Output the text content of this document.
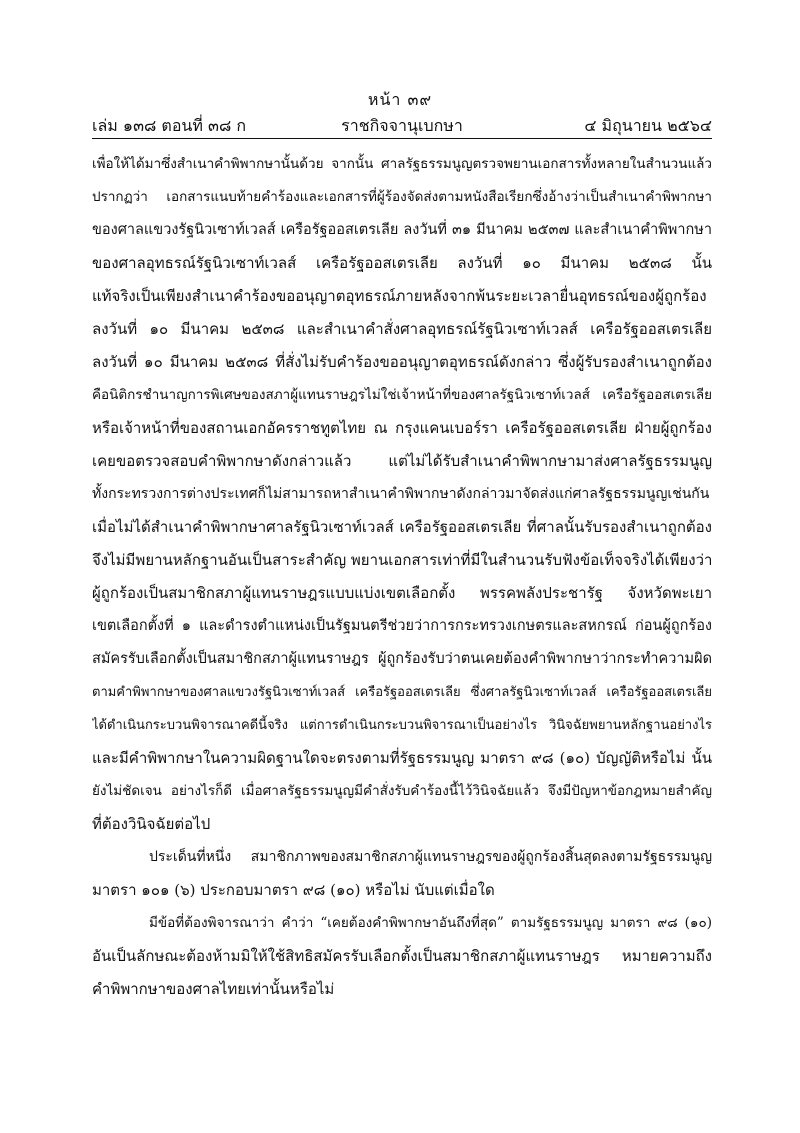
หน้า ๓๙
เล่ม ๑๓๘ ตอนที่ ๓๘ ก	ราชกิจจานุเบกษา	๔ มิถุนายน ๒๕๖๔
เพื่อให้ได้มาซึ่งสำเนาคำพิพากษานั้นด้วย จากนั้น ศาลรัฐธรรมนูญตรวจพยานเอกสารทั้งหลายในสำนวนแล้ว
ปรากฏว่า เอกสารแนบท้ายคำร้องและเอกสารที่ผู้ร้องจัดส่งตามหนังสือเรียกซึ่งอ้างว่าเป็นสำเนาคำพิพากษา
ของศาลแขวงรัฐนิวเซาท์เวลส์ เครือรัฐออสเตรเลีย ลงวันที่ ๓๑ มีนาคม ๒๕๓๗ และสำเนาคำพิพากษา
ของศาลอุทธรณ์รัฐนิวเซาท์เวลส์ เครือรัฐออสเตรเลีย ลงวันที่ ๑๐ มีนาคม ๒๕๓๘ นั้น
แท้จริงเป็นเพียงสำเนาคำร้องขออนุญาตอุทธรณ์ภายหลังจากพ้นระยะเวลายื่นอุทธรณ์ของผู้ถูกร้อง
ลงวันที่ ๑๐ มีนาคม ๒๕๓๘ และสำเนาคำสั่งศาลอุทธรณ์รัฐนิวเซาท์เวลส์ เครือรัฐออสเตรเลีย
ลงวันที่ ๑๐ มีนาคม ๒๕๓๘ ที่สั่งไม่รับคำร้องขออนุญาตอุทธรณ์ดังกล่าว ซึ่งผู้รับรองสำเนาถูกต้อง
คือนิติกรชำนาญการพิเศษของสภาผู้แทนราษฎรไม่ใช่เจ้าหน้าที่ของศาลรัฐนิวเซาท์เวลส์ เครือรัฐออสเตรเลีย
หรือเจ้าหน้าที่ของสถานเอกอัครราชทูตไทย ณ กรุงแคนเบอร์รา เครือรัฐออสเตรเลีย ฝ่ายผู้ถูกร้อง
เคยขอตรวจสอบคำพิพากษาดังกล่าวแล้ว แต่ไม่ได้รับสำเนาคำพิพากษามาส่งศาลรัฐธรรมนูญ
ทั้งกระทรวงการต่างประเทศก็ไม่สามารถหาสำเนาคำพิพากษาดังกล่าวมาจัดส่งแก่ศาลรัฐธรรมนูญเช่นกัน
เมื่อไม่ได้สำเนาคำพิพากษาศาลรัฐนิวเซาท์เวลส์ เครือรัฐออสเตรเลีย ที่ศาลนั้นรับรองสำเนาถูกต้อง
จึงไม่มีพยานหลักฐานอันเป็นสาระสำคัญ พยานเอกสารเท่าที่มีในสำนวนรับฟังข้อเท็จจริงได้เพียงว่า
ผู้ถูกร้องเป็นสมาชิกสภาผู้แทนราษฎรแบบแบ่งเขตเลือกตั้ง พรรคพลังประชารัฐ จังหวัดพะเยา
เขตเลือกตั้งที่ ๑ และดำรงตำแหน่งเป็นรัฐมนตรีช่วยว่าการกระทรวงเกษตรและสหกรณ์ ก่อนผู้ถูกร้อง
สมัครรับเลือกตั้งเป็นสมาชิกสภาผู้แทนราษฎร ผู้ถูกร้องรับว่าตนเคยต้องคำพิพากษาว่ากระทำความผิด
ตามคำพิพากษาของศาลแขวงรัฐนิวเซาท์เวลส์ เครือรัฐออสเตรเลีย ซึ่งศาลรัฐนิวเซาท์เวลส์ เครือรัฐออสเตรเลีย
ได้ดำเนินกระบวนพิจารณาคดีนี้จริง แต่การดำเนินกระบวนพิจารณาเป็นอย่างไร วินิจฉัยพยานหลักฐานอย่างไร
และมีคำพิพากษาในความผิดฐานใดจะตรงตามที่รัฐธรรมนูญ มาตรา ๙๘ (๑๐) บัญญัติหรือไม่ นั้น
ยังไม่ชัดเจน อย่างไรก็ดี เมื่อศาลรัฐธรรมนูญมีคำสั่งรับคำร้องนี้ไว้วินิจฉัยแล้ว จึงมีปัญหาข้อกฎหมายสำคัญ
ที่ต้องวินิจฉัยต่อไป
ประเด็นที่หนึ่ง สมาชิกภาพของสมาชิกสภาผู้แทนราษฎรของผู้ถูกร้องสิ้นสุดลงตามรัฐธรรมนูญ
มาตรา ๑๐๑ (๖) ประกอบมาตรา ๙๘ (๑๐) หรือไม่ นับแต่เมื่อใด
มีข้อที่ต้องพิจารณาว่า คำว่า “เคยต้องคำพิพากษาอันถึงที่สุด” ตามรัฐธรรมนูญ มาตรา ๙๘ (๑๐)
อันเป็นลักษณะต้องห้ามมิให้ใช้สิทธิสมัครรับเลือกตั้งเป็นสมาชิกสภาผู้แทนราษฎร หมายความถึง
คำพิพากษาของศาลไทยเท่านั้นหรือไม่
